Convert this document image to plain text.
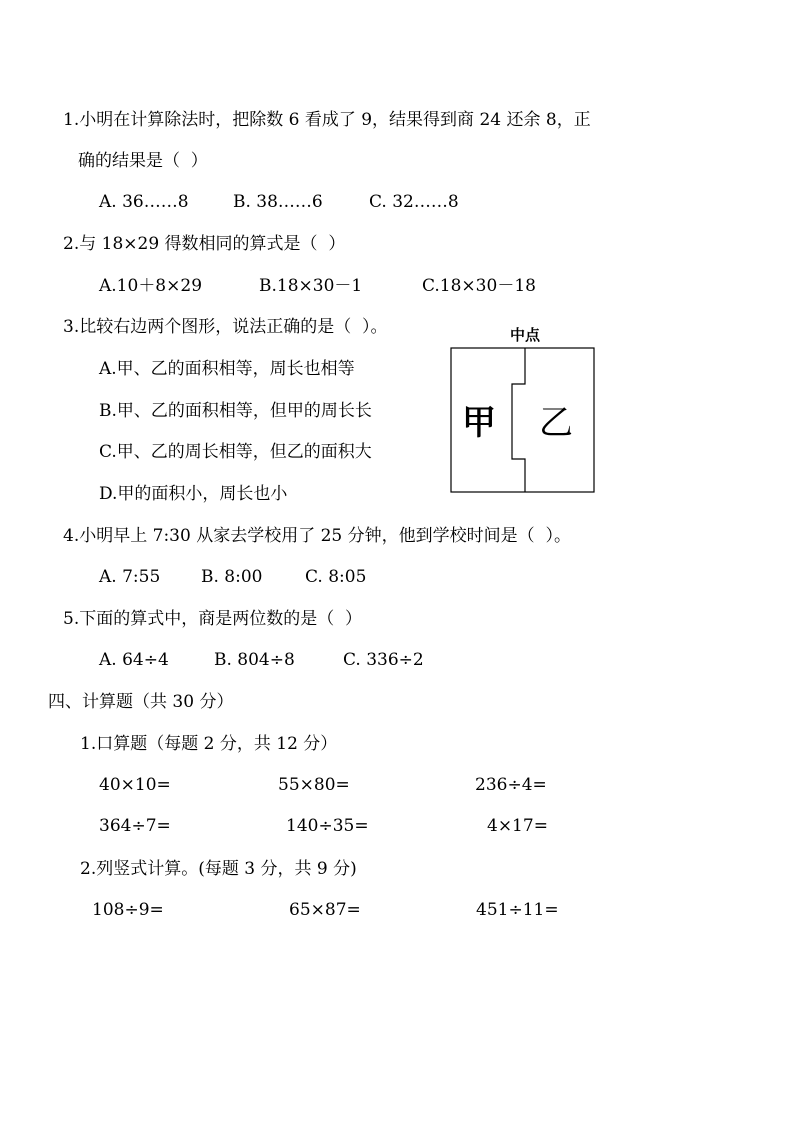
1.小明在计算除法时，把除数 6 看成了 9，结果得到商 24 还余 8，正
确的结果是（  ）
A. 36……8	B. 38……6	C. 32……8
2.与 18×29 得数相同的算式是（  ）
A.10＋8×29	B.18×30－1	C.18×30－18
3.比较右边两个图形，说法正确的是（  ）。
A.甲、乙的面积相等，周长也相等
B.甲、乙的面积相等，但甲的周长长
C.甲、乙的周长相等，但乙的面积大
D.甲的面积小，周长也小
中点
甲 乙
4.小明早上 7:30 从家去学校用了 25 分钟，他到学校时间是（  ）。
A. 7:55 B. 8:00	C. 8:05
5.下面的算式中，商是两位数的是（  ）
A. 64÷4	B. 804÷8	C. 336÷2
四、计算题（共 30 分）
1.口算题（每题 2 分，共 12 分）
40×10=	55×80=	236÷4=
364÷7=	140÷35=	4×17=
2.列竖式计算。(每题 3 分，共 9 分)
108÷9=	65×87=	451÷11=
